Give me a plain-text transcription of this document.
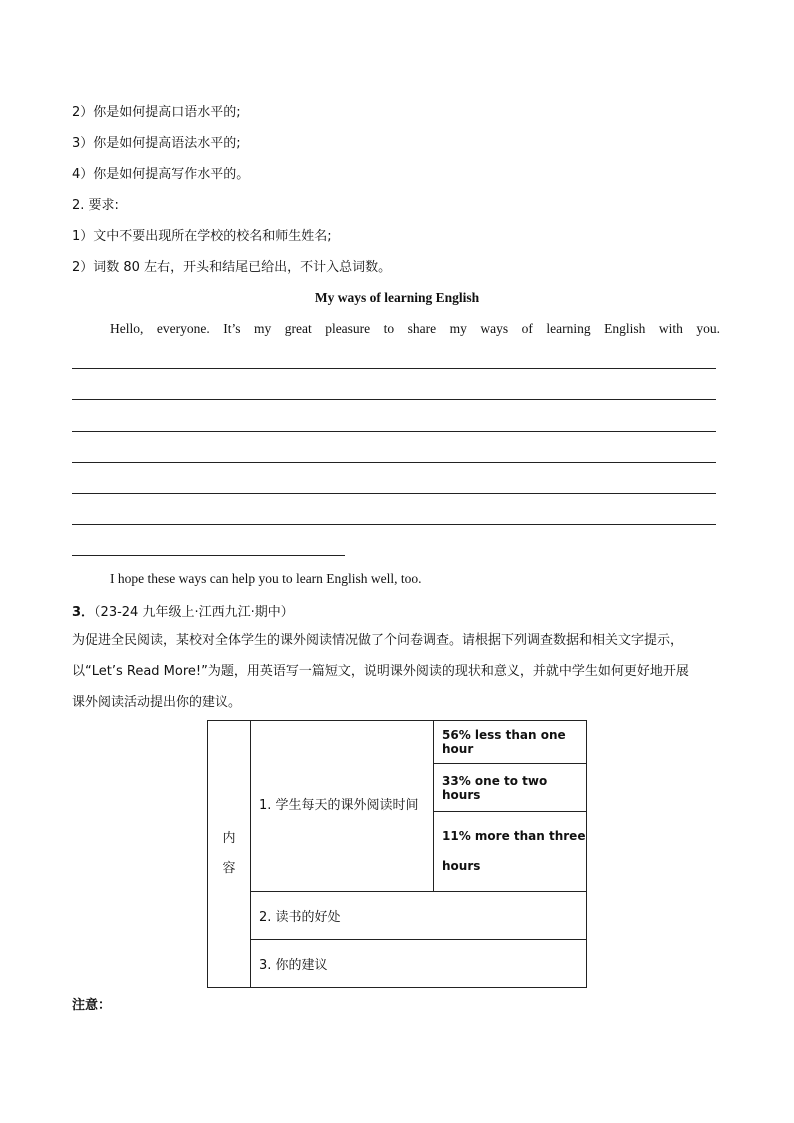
2）你是如何提高口语水平的;
3）你是如何提高语法水平的;
4）你是如何提高写作水平的。
2. 要求:
1）文中不要出现所在学校的校名和师生姓名;
2）词数 80 左右，开头和结尾已给出，不计入总词数。
My ways of learning English
Hello, everyone. It’s my great pleasure to share my ways of learning English with you.
I hope these ways can help you to learn English well, too.
3．（23-24 九年级上·江西九江·期中）
为促进全民阅读，某校对全体学生的课外阅读情况做了个问卷调查。请根据下列调查数据和相关文字提示，
以“Let’s Read More!”为题，用英语写一篇短文，说明课外阅读的现状和意义，并就中学生如何更好地开展
课外阅读活动提出你的建议。
内
容	1. 学生每天的课外阅读时间	56% less than one hour
33% one to two hours
11% more than three hours
2. 读书的好处
3. 你的建议
注意：
